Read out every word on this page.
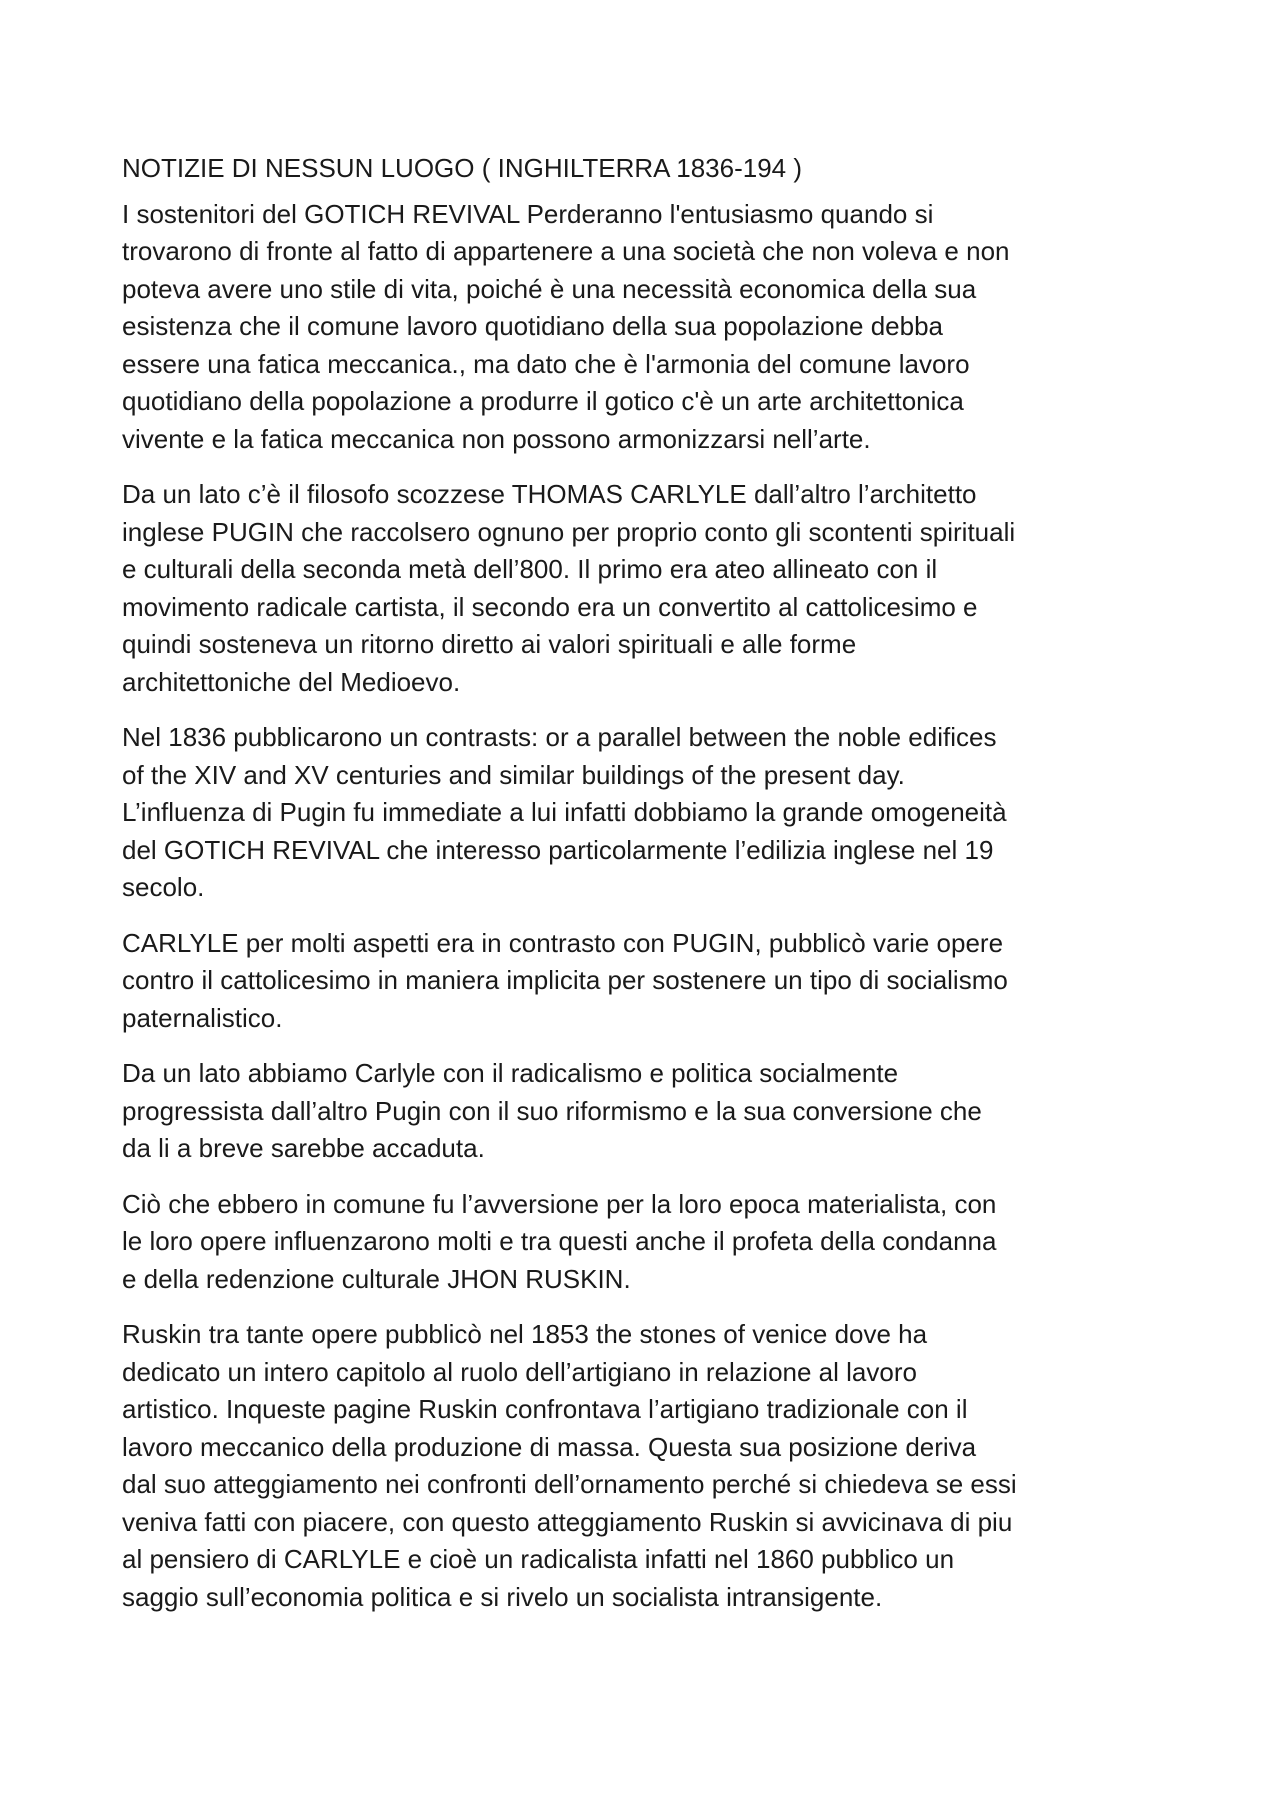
NOTIZIE DI NESSUN LUOGO ( INGHILTERRA 1836-194 )

I sostenitori del GOTICH REVIVAL Perderanno l'entusiasmo quando si
trovarono di fronte al fatto di appartenere a una società che non voleva e non
poteva avere uno stile di vita, poiché è una necessità economica della sua
esistenza che il comune lavoro quotidiano della sua popolazione debba
essere una fatica meccanica., ma dato che è l'armonia del comune lavoro
quotidiano della popolazione a produrre il gotico c'è un arte architettonica
vivente e la fatica meccanica non possono armonizzarsi nell’arte.

Da un lato c’è il filosofo scozzese THOMAS CARLYLE dall’altro l’architetto
inglese PUGIN che raccolsero ognuno per proprio conto gli scontenti spirituali
e culturali della seconda metà dell’800. Il primo era ateo allineato con il
movimento radicale cartista, il secondo era un convertito al cattolicesimo e
quindi sosteneva un ritorno diretto ai valori spirituali e alle forme
architettoniche del Medioevo.

Nel 1836 pubblicarono un contrasts: or a parallel between the noble edifices
of the XIV and XV centuries and similar buildings of the present day.
L’influenza di Pugin fu immediate a lui infatti dobbiamo la grande omogeneità
del GOTICH REVIVAL che interesso particolarmente l’edilizia inglese nel 19
secolo.

CARLYLE per molti aspetti era in contrasto con PUGIN, pubblicò varie opere
contro il cattolicesimo in maniera implicita per sostenere un tipo di socialismo
paternalistico.

Da un lato abbiamo Carlyle con il radicalismo e politica socialmente
progressista dall’altro Pugin con il suo riformismo e la sua conversione che
da li a breve sarebbe accaduta.

Ciò che ebbero in comune fu l’avversione per la loro epoca materialista, con
le loro opere influenzarono molti e tra questi anche il profeta della condanna
e della redenzione culturale JHON RUSKIN.

Ruskin tra tante opere pubblicò nel 1853 the stones of venice dove ha
dedicato un intero capitolo al ruolo dell’artigiano in relazione al lavoro
artistico. Inqueste pagine Ruskin confrontava l’artigiano tradizionale con il
lavoro meccanico della produzione di massa. Questa sua posizione deriva
dal suo atteggiamento nei confronti dell’ornamento perché si chiedeva se essi
veniva fatti con piacere, con questo atteggiamento Ruskin si avvicinava di piu
al pensiero di CARLYLE e cioè un radicalista infatti nel 1860 pubblico un
saggio sull’economia politica e si rivelo un socialista intransigente.
